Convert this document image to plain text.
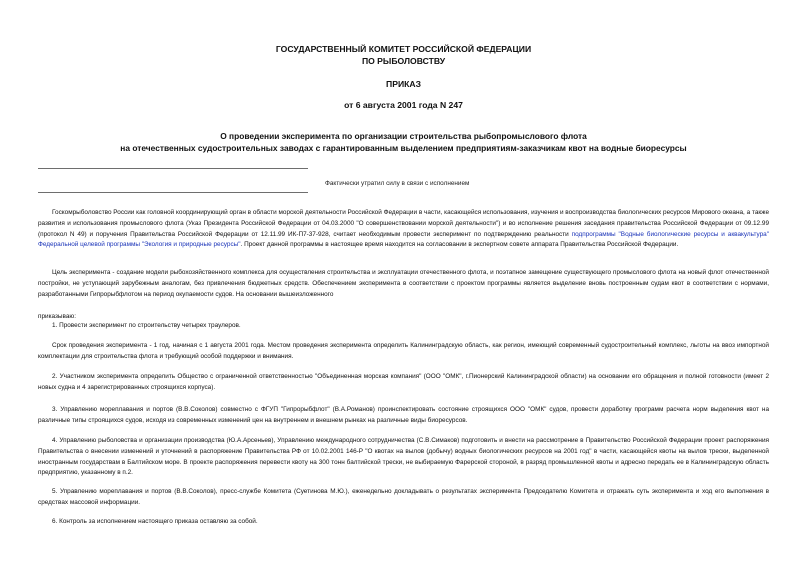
ГОСУДАРСТВЕННЫЙ КОМИТЕТ РОССИЙСКОЙ ФЕДЕРАЦИИ

ПО РЫБОЛОВСТВУ

ПРИКАЗ

от 6 августа 2001 года N 247

О проведении эксперимента по организации строительства рыбопромыслового флота

на отечественных судостроительных заводах с гарантированным выделением предприятиям-заказчикам квот на водные биоресурсы

Фактически утратил силу в связи с исполнением

Госкомрыболовство России как головной координирующий орган в области морской деятельности Российской Федерации в части, касающейся использования, изучения и воспроизводства биологических ресурсов Мирового океана, а также развития и использования промыслового флота (Указ Президента Российской Федерации от 04.03.2000 "О совершенствовании морской деятельности") и во исполнение решения заседания правительства Российской Федерации от 09.12.99 (протокол N 49) и поручения Правительства Российской Федерации от 12.11.99 ИК-П7-37-928, считает необходимым провести эксперимент по подтверждению реальности подпрограммы "Водные биологические ресурсы и аквакультура" Федеральной целевой программы "Экология и природные ресурсы". Проект данной программы в настоящее время находится на согласовании в экспертном совете аппарата Правительства Российской Федерации.

Цель эксперимента - создание модели рыбохозяйственного комплекса для осуществления строительства и эксплуатации отечественного флота, и поэтапное замещение существующего промыслового флота на новый флот отечественной постройки, не уступающий зарубежным аналогам, без привлечения бюджетных средств. Обеспечением эксперимента в соответствии с проектом программы является выделение вновь построенным судам квот в соответствии с нормами, разработанными Гипрорыбфлотом на период окупаемости судов. На основании вышеизложенного

приказываю:

1. Провести эксперимент по строительству четырех траулеров.

Срок проведения эксперимента - 1 год, начиная с 1 августа 2001 года. Местом проведения эксперимента определить Калининградскую область, как регион, имеющий современный судостроительный комплекс, льготы на ввоз импортной комплектации для строительства флота и требующий особой поддержки и внимания.

2. Участником эксперимента определить Общество с ограниченной ответственностью "Объединенная морская компания" (ООО "ОМК", г.Пионерский Калининградской области) на основании его обращения и полной готовности (имеет 2 новых судна и 4 зарегистрированных строящихся корпуса).

3. Управлению мореплавания и портов (В.В.Соколов) совместно с ФГУП "Гипрорыбфлот" (В.А.Романов) проинспектировать состояние строящихся ООО "ОМК" судов, провести доработку программ расчета норм выделения квот на различные типы строящихся судов, исходя из современных изменений цен на внутреннем и внешнем рынках на различные виды биоресурсов.

4. Управлению рыболовства и организации производства (Ю.А.Арсеньев), Управлению международного сотрудничества (С.В.Симаков) подготовить и внести на рассмотрение в Правительство Российской Федерации проект распоряжения Правительства о внесении изменений и уточнений в распоряжение Правительства РФ от 10.02.2001 146-Р "О квотах на вылов (добычу) водных биологических ресурсов на 2001 год" в части, касающейся квоты на вылов трески, выделенной иностранным государствам в Балтийском море. В проекте распоряжения перевести квоту на 300 тонн балтийской трески, не выбираемую Фарерской стороной, в разряд промышленной квоты и адресно передать ее в Калининградскую область предприятию, указанному в п.2.

5. Управлению мореплавания и портов (В.В.Соколов), пресс-службе Комитета (Суетинова М.Ю.), еженедельно докладывать о результатах эксперимента Председателю Комитета и отражать суть эксперимента и ход его выполнения в средствах массовой информации.

6. Контроль за исполнением настоящего приказа оставляю за собой.
